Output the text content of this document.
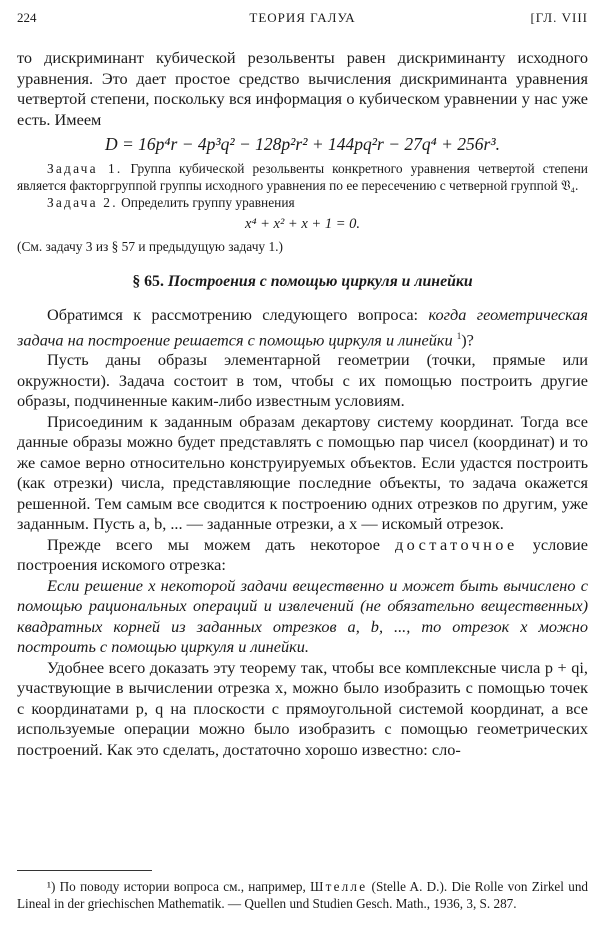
224	ТЕОРИЯ ГАЛУА	[ГЛ. VIII

то дискриминант кубической резольвенты равен дискриминанту исходного уравнения. Это дает простое средство вычисления дискриминанта уравнения четвертой степени, поскольку вся информация о кубическом уравнении у нас уже есть. Имеем

D = 16p⁴r − 4p³q² − 128p²r² + 144pq²r − 27q⁴ + 256r³.

Задача 1. Группа кубической резольвенты конкретного уравнения четвертой степени является факторгруппой группы исходного уравнения по ее пересечению с четверной группой 𝔙₄.

Задача 2. Определить группу уравнения

x⁴ + x² + x + 1 = 0.

(См. задачу 3 из § 57 и предыдущую задачу 1.)

§ 65. Построения с помощью циркуля и линейки

Обратимся к рассмотрению следующего вопроса: когда геометрическая задача на построение решается с помощью циркуля и линейки $^1$)?

Пусть даны образы элементарной геометрии (точки, прямые или окружности). Задача состоит в том, чтобы с их помощью построить другие образы, подчиненные каким-либо известным условиям.

Присоединим к заданным образам декартову систему координат. Тогда все данные образы можно будет представлять с помощью пар чисел (координат) и то же самое верно относительно конструируемых объектов. Если удастся построить (как отрезки) числа, представляющие последние объекты, то задача окажется решенной. Тем самым все сводится к построению одних отрезков по другим, уже заданным. Пусть a, b, ... — заданные отрезки, a x — искомый отрезок.

Прежде всего мы можем дать некоторое достаточное условие построения искомого отрезка:

Если решение x некоторой задачи вещественно и может быть вычислено с помощью рациональных операций и извлечений (не обязательно вещественных) квадратных корней из заданных отрезков a, b, ..., то отрезок x можно построить с помощью циркуля и линейки.

Удобнее всего доказать эту теорему так, чтобы все комплексные числа p + qi, участвующие в вычислении отрезка x, можно было изобразить с помощью точек с координатами p, q на плоскости с прямоугольной системой координат, а все используемые операции можно было изобразить с помощью геометрических построений. Как это сделать, достаточно хорошо известно: сло-

¹) По поводу истории вопроса см., например, Штелле (Stelle A. D.). Die Rolle von Zirkel und Lineal in der griechischen Mathematik. — Quellen und Studien Gesch. Math., 1936, 3, S. 287.
